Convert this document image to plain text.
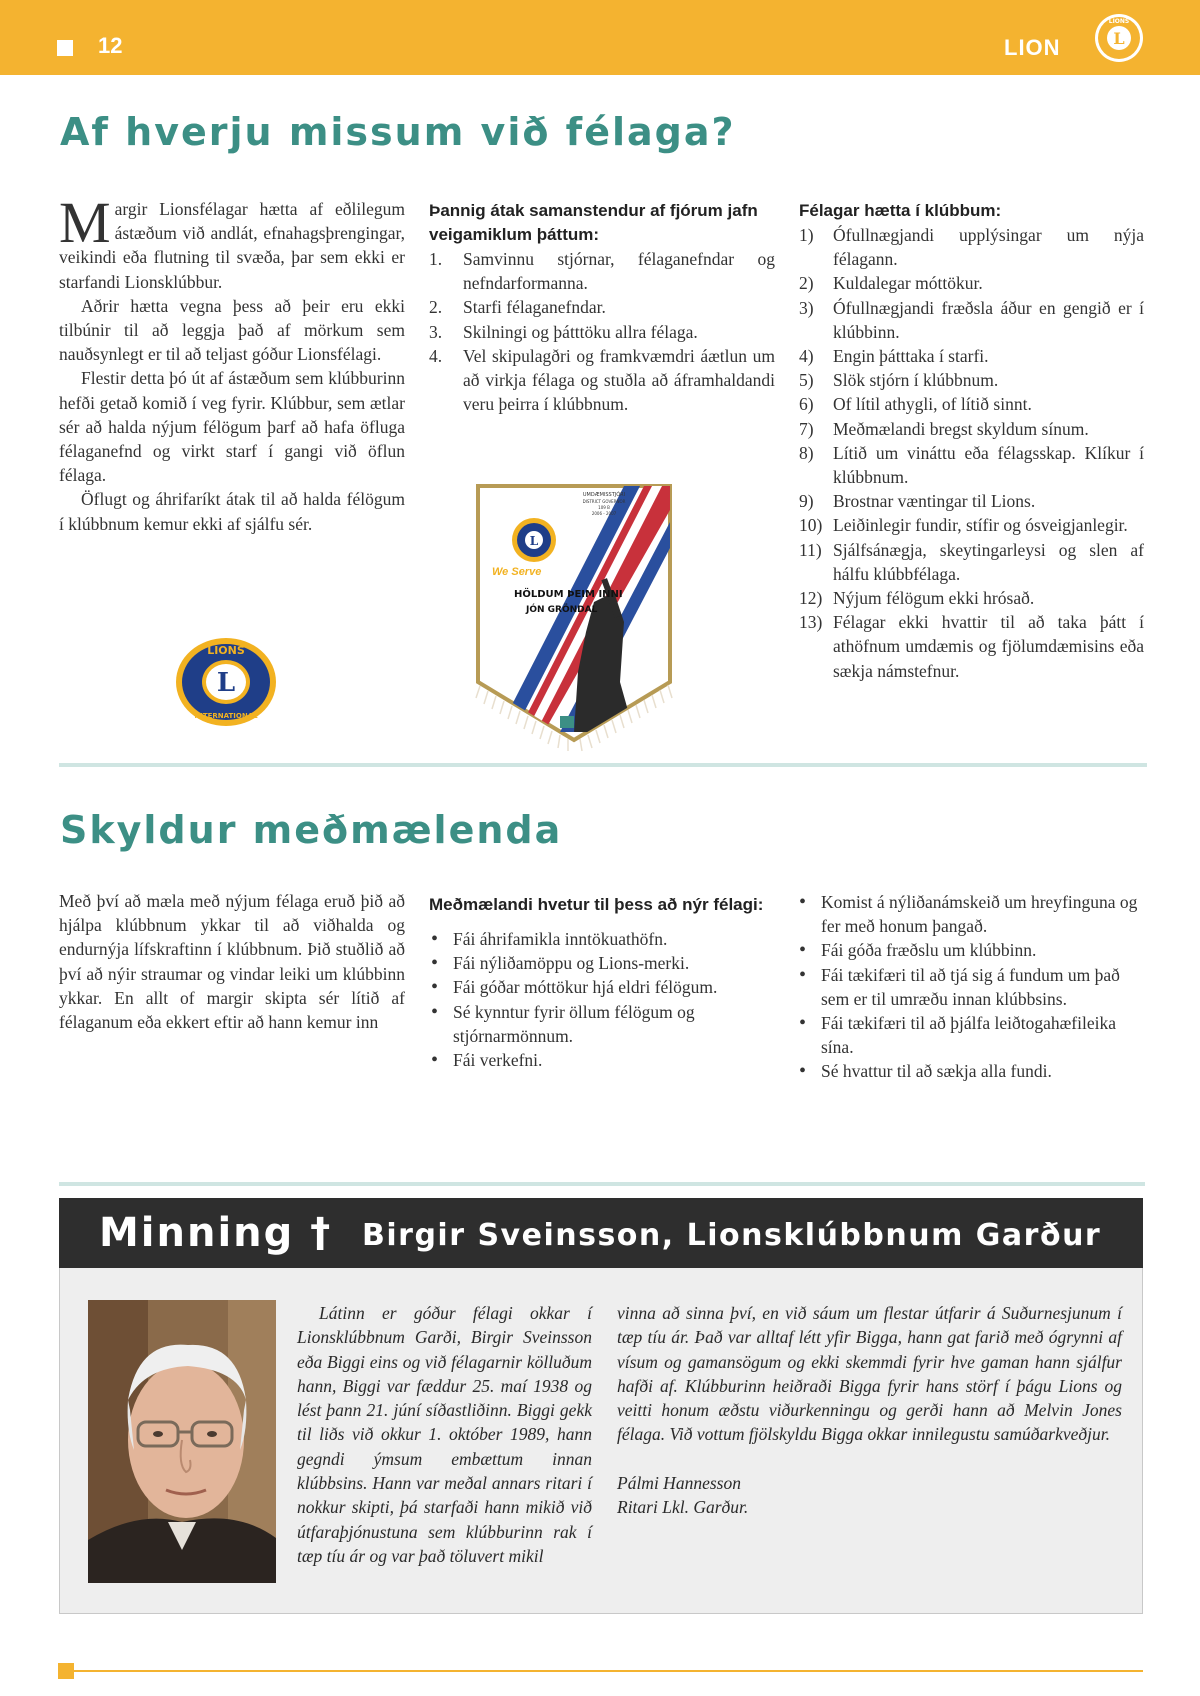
12	LION	L
LIONS
Af hverju missum við félaga?

Margir Lionsfélagar hætta af eðlilegum ástæðum við andlát, efnahagsþrengingar, veikindi eða flutning til svæða, þar sem ekki er starfandi Lionsklúbbur.

Aðrir hætta vegna þess að þeir eru ekki tilbúnir til að leggja það af mörkum sem nauðsynlegt er til að teljast góður Lionsfélagi.

Flestir detta þó út af ástæðum sem klúbburinn hefði getað komið í veg fyrir. Klúbbur, sem ætlar sér að halda nýjum félögum þarf að hafa öfluga félaganefnd og virkt starf í gangi við öflun félaga.

Öflugt og áhrifaríkt átak til að halda félögum í klúbbnum kemur ekki af sjálfu sér.

L
LIONS
INTERNATIONAL
Þannig átak samanstendur af fjórum jafn veigamiklum þáttum:
1. Samvinnu stjórnar, félaganefndar og nefndarformanna.
2. Starfi félaganefndar.
3. Skilningi og þátttöku allra félaga.
4. Vel skipulagðri og framkvæmdri áætlun um að virkja félaga og stuðla að áframhaldandi veru þeirra í klúbbnum.
L
UMDÆMISSTJÓRI
DISTRICT GOVERNOR
109 B
2006 - 2007
We Serve
HÖLDUM ÞEIM INNI
JÓN GRÖNDAL
Félagar hætta í klúbbum:
1) Ófullnægjandi upplýsingar um nýja félagann.
2) Kuldalegar móttökur.
3) Ófullnægjandi fræðsla áður en gengið er í klúbbinn.
4) Engin þátttaka í starfi.
5) Slök stjórn í klúbbnum.
6) Of lítil athygli, of lítið sinnt.
7) Meðmælandi bregst skyldum sínum.
8) Lítið um vináttu eða félagsskap. Klíkur í klúbbnum.
9) Brostnar væntingar til Lions.
10) Leiðinlegir fundir, stífir og ósveigjanlegir.
11) Sjálfsánægja, skeytingarleysi og slen af hálfu klúbbfélaga.
12) Nýjum félögum ekki hrósað.
13) Félagar ekki hvattir til að taka þátt í athöfnum umdæmis og fjölumdæmisins eða sækja námstefnur.
Skyldur meðmælenda

Með því að mæla með nýjum félaga eruð þið að hjálpa klúbbnum ykkar til að viðhalda og endurnýja lífskraftinn í klúbbnum. Þið stuðlið að því að nýir straumar og vindar leiki um klúbbinn ykkar. En allt of margir skipta sér lítið af félaganum eða ekkert eftir að hann kemur inn

Meðmælandi hvetur til þess að nýr félagi:
• Fái áhrifamikla inntökuathöfn.
• Fái nýliðamöppu og Lions-merki.
• Fái góðar móttökur hjá eldri félögum.
• Sé kynntur fyrir öllum félögum og stjórnarmönnum.
• Fái verkefni.
• Komist á nýliðanámskeið um hreyfinguna og fer með honum þangað.
• Fái góða fræðslu um klúbbinn.
• Fái tækifæri til að tjá sig á fundum um það sem er til umræðu innan klúbbsins.
• Fái tækifæri til að þjálfa leiðtogahæfileika sína.
• Sé hvattur til að sækja alla fundi.
Minning † Birgir Sveinsson, Lionsklúbbnum Garður

Látinn er góður félagi okkar í Lionsklúbbnum Garði, Birgir Sveinsson eða Biggi eins og við félagarnir kölluðum hann, Biggi var fæddur 25. maí 1938 og lést þann 21. júní síðastliðinn. Biggi gekk til liðs við okkur 1. október 1989, hann gegndi ýmsum embættum innan klúbbsins. Hann var meðal annars ritari í nokkur skipti, þá starfaði hann mikið við útfaraþjónustuna sem klúbburinn rak í tæp tíu ár og var það töluvert mikil

vinna að sinna því, en við sáum um flestar útfarir á Suðurnesjunum í tæp tíu ár. Það var alltaf létt yfir Bigga, hann gat farið með ógrynni af vísum og gamansögum og ekki skemmdi fyrir hve gaman hann sjálfur hafði af. Klúbburinn heiðraði Bigga fyrir hans störf í þágu Lions og veitti honum æðstu viðurkenningu og gerði hann að Melvin Jones félaga. Við vottum fjölskyldu Bigga okkar innilegustu samúðarkveðjur.

Pálmi Hannesson

Ritari Lkl. Garður.
